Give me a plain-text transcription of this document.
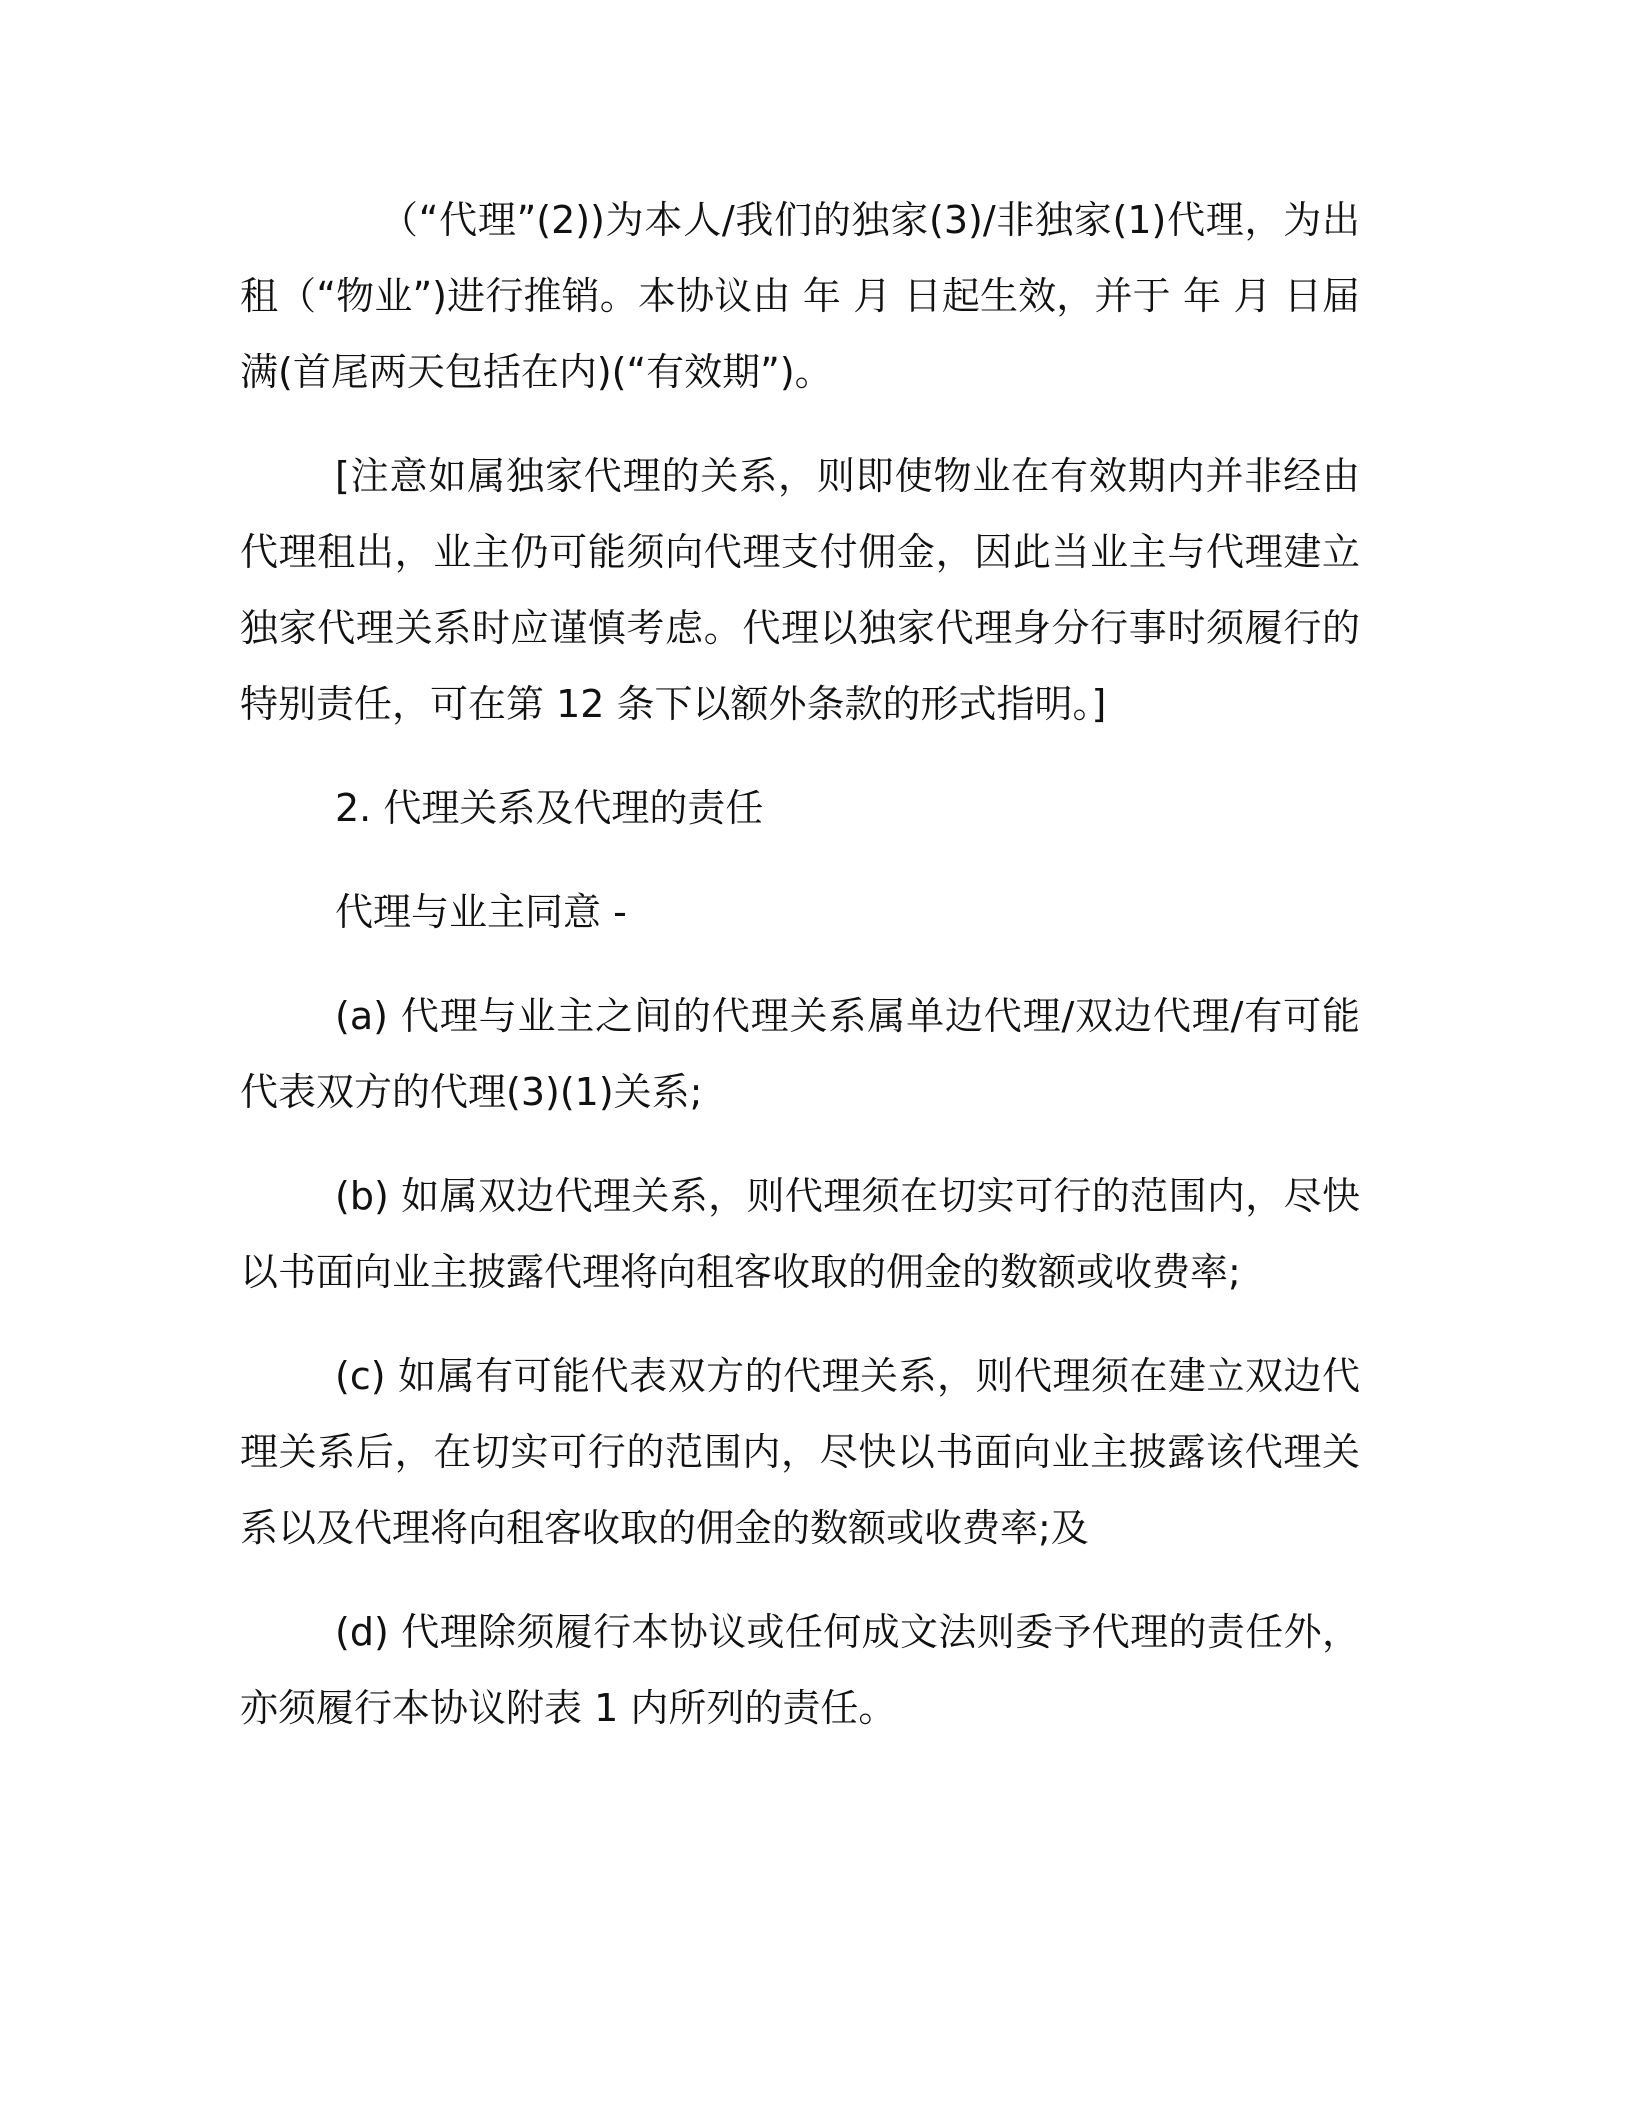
（“代理”(2))为本人/我们的独家(3)/非独家(1)代理，为出租（“物业”)进行推销。本协议由 年 月 日起生效，并于 年 月 日届满(首尾两天包括在内)(“有效期”)。

[注意如属独家代理的关系，则即使物业在有效期内并非经由代理租出，业主仍可能须向代理支付佣金，因此当业主与代理建立独家代理关系时应谨慎考虑。代理以独家代理身分行事时须履行的特别责任，可在第 12 条下以额外条款的形式指明。]

2. 代理关系及代理的责任

代理与业主同意 -

(a) 代理与业主之间的代理关系属单边代理/双边代理/有可能代表双方的代理(3)(1)关系;

(b) 如属双边代理关系，则代理须在切实可行的范围内，尽快以书面向业主披露代理将向租客收取的佣金的数额或收费率;

(c) 如属有可能代表双方的代理关系，则代理须在建立双边代理关系后，在切实可行的范围内，尽快以书面向业主披露该代理关系以及代理将向租客收取的佣金的数额或收费率;及

(d) 代理除须履行本协议或任何成文法则委予代理的责任外，亦须履行本协议附表 1 内所列的责任。
